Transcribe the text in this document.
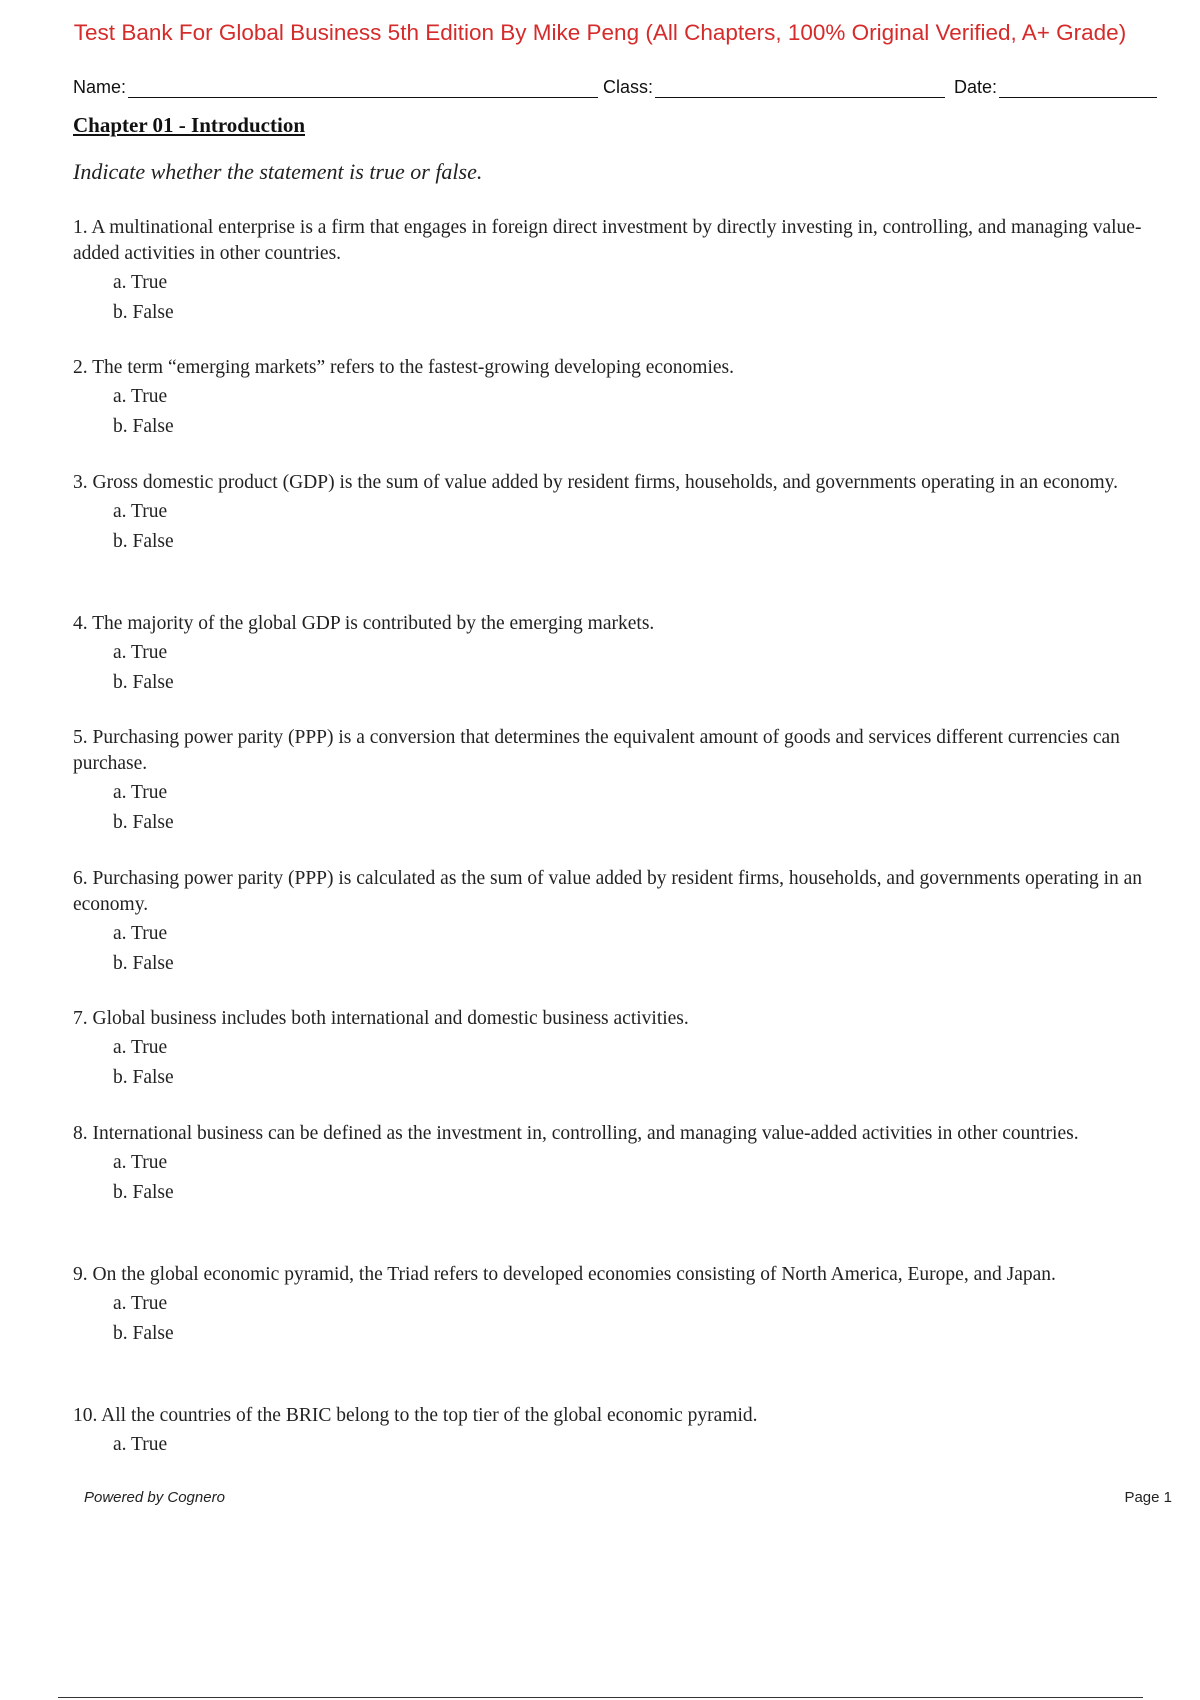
Test Bank For Global Business 5th Edition By Mike Peng (All Chapters, 100% Original Verified, A+ Grade)
Name:	Class:	Date:
Chapter 01 - Introduction
Indicate whether the statement is true or false.

1. A multinational enterprise is a firm that engages in foreign direct investment by directly investing in, controlling, and managing value-added activities in other countries.

a. True
b. False

2. The term “emerging markets” refers to the fastest-growing developing economies.

a. True
b. False

3. Gross domestic product (GDP) is the sum of value added by resident firms, households, and governments operating in an economy.

a. True
b. False

4. The majority of the global GDP is contributed by the emerging markets.

a. True
b. False

5. Purchasing power parity (PPP) is a conversion that determines the equivalent amount of goods and services different currencies can purchase.

a. True
b. False

6. Purchasing power parity (PPP) is calculated as the sum of value added by resident firms, households, and governments operating in an economy.

a. True
b. False

7. Global business includes both international and domestic business activities.

a. True
b. False

8. International business can be defined as the investment in, controlling, and managing value-added activities in other countries.

a. True
b. False

9. On the global economic pyramid, the Triad refers to developed economies consisting of North America, Europe, and Japan.

a. True
b. False

10. All the countries of the BRIC belong to the top tier of the global economic pyramid.

a. True
Powered by Cognero	Page 1
